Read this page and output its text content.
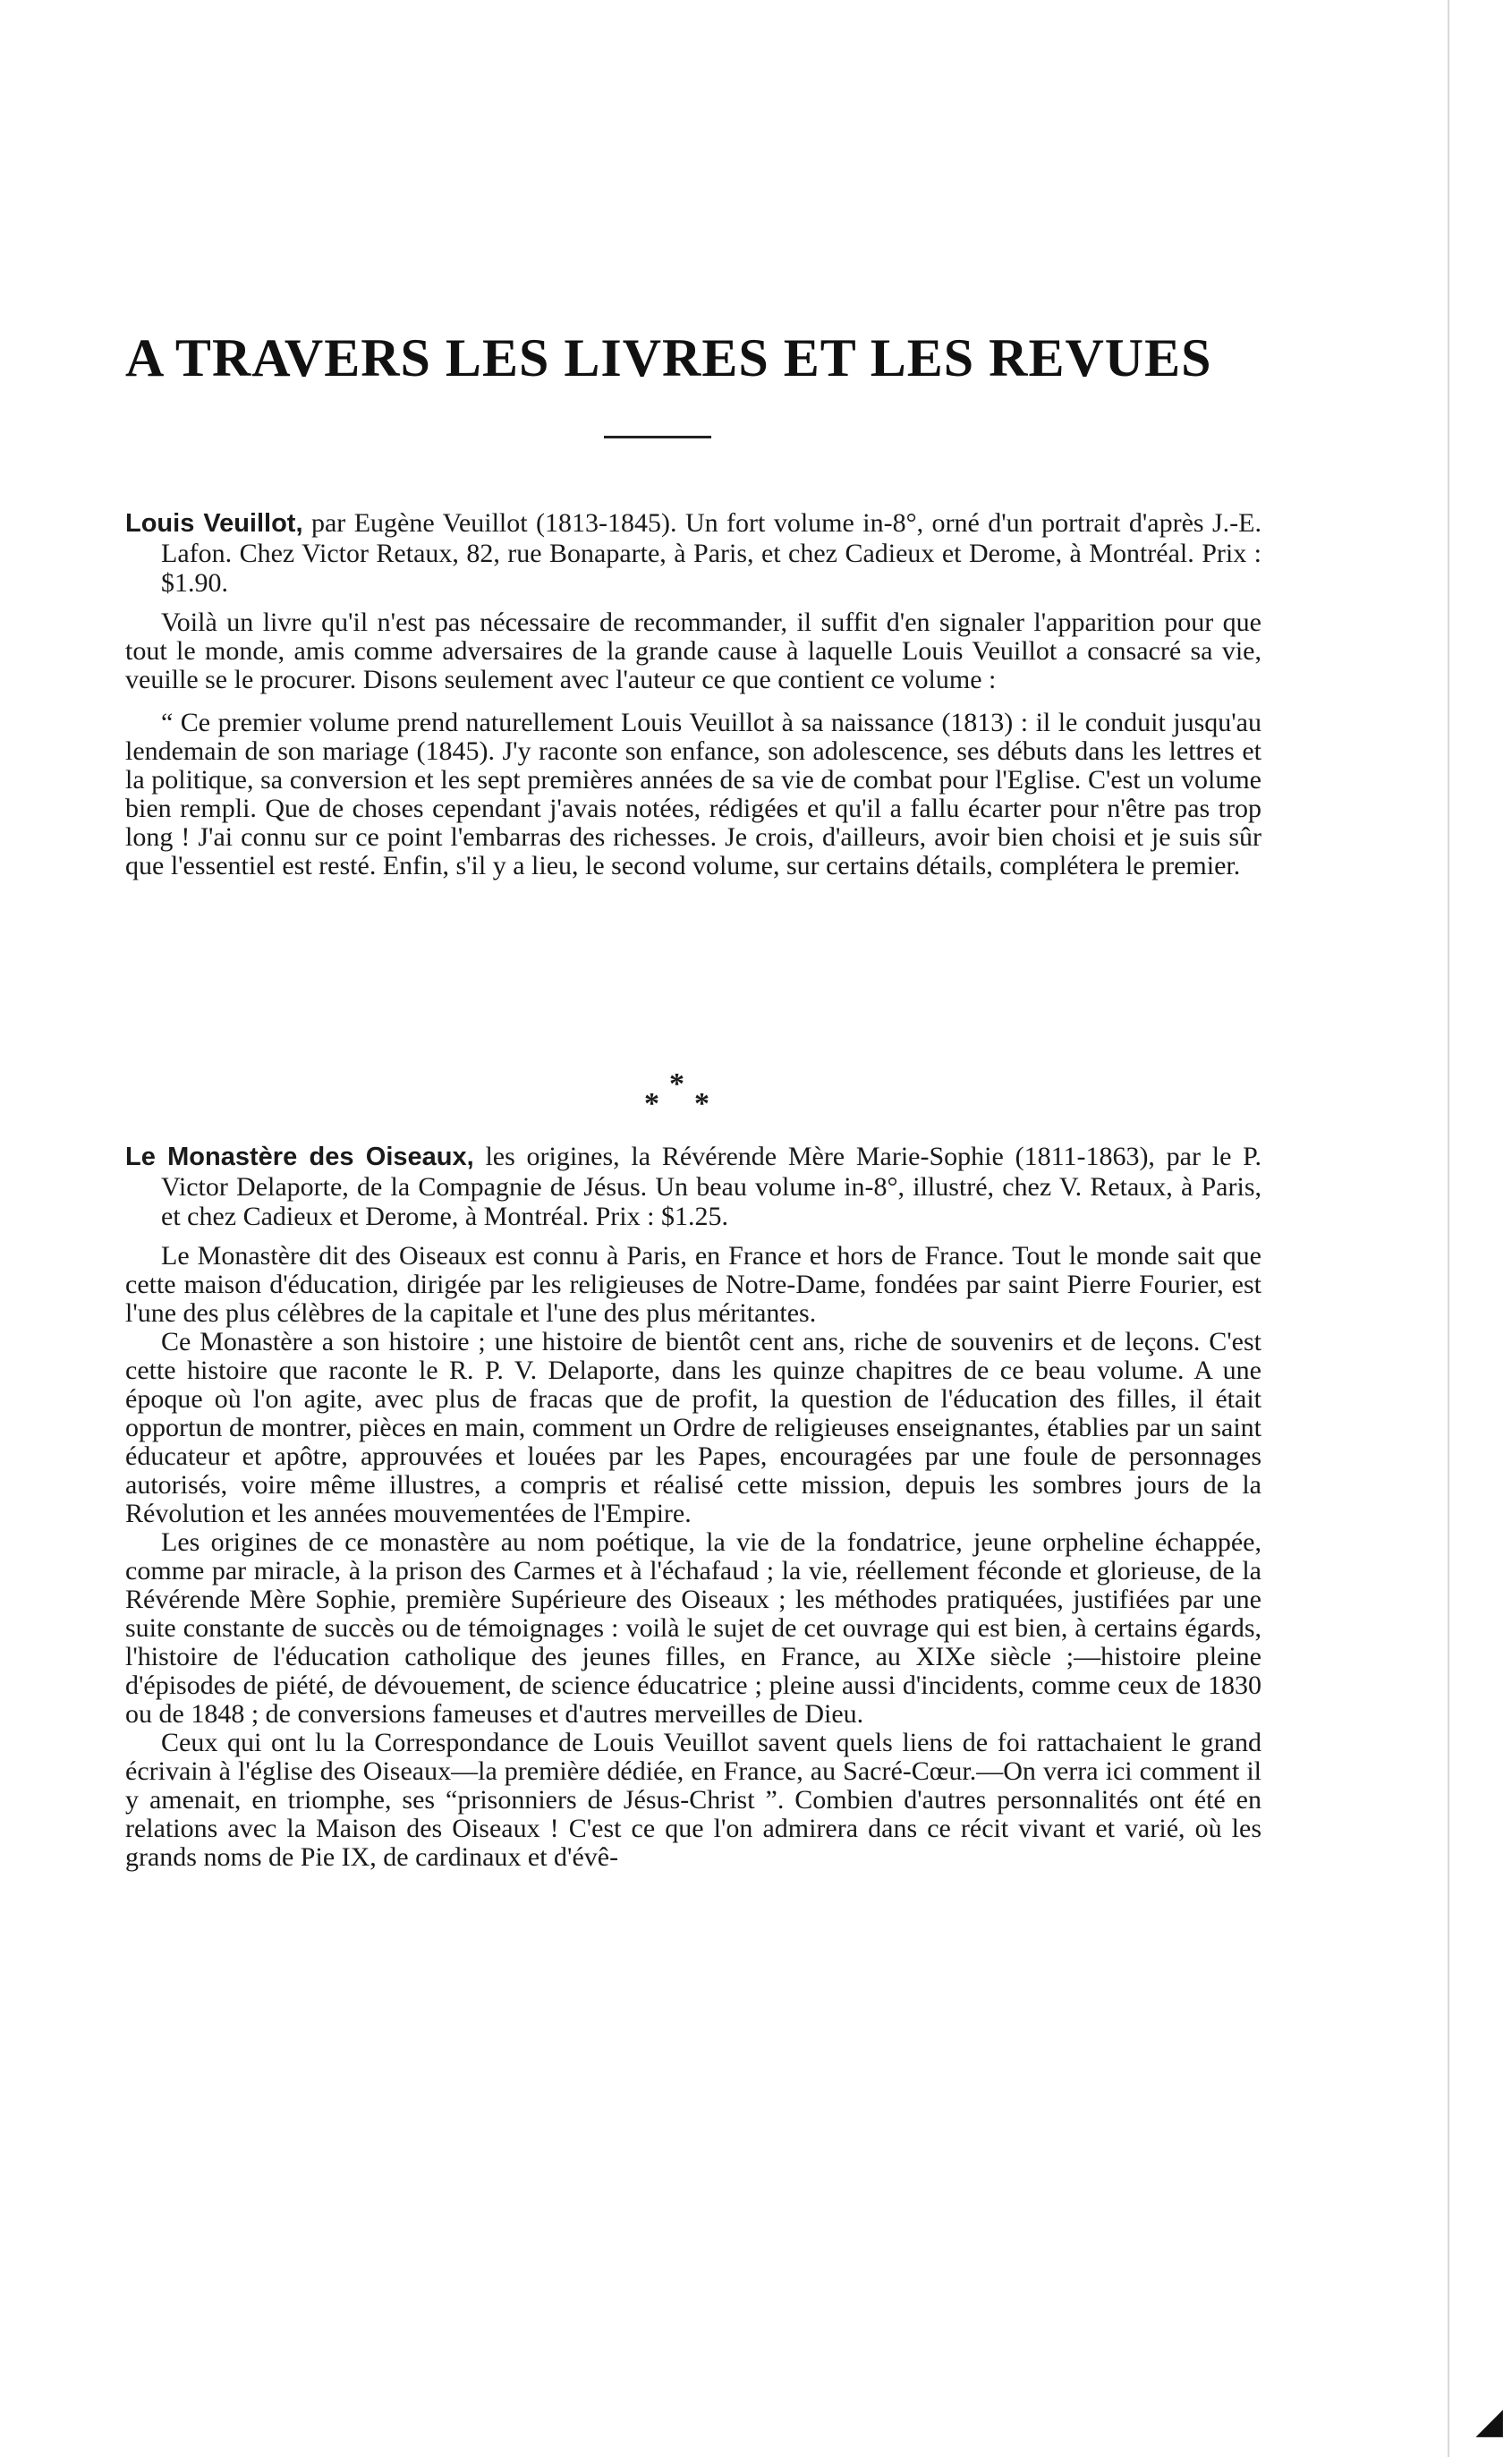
A TRAVERS LES LIVRES ET LES REVUES

Louis Veuillot, par Eugène Veuillot (1813-1845). Un fort volume in-8°, orné d'un portrait d'après J.-E. Lafon. Chez Victor Retaux, 82, rue Bonaparte, à Paris, et chez Cadieux et Derome, à Montréal. Prix : $1.90.

Voilà un livre qu'il n'est pas nécessaire de recommander, il suffit d'en signaler l'apparition pour que tout le monde, amis comme adversaires de la grande cause à laquelle Louis Veuillot a consacré sa vie, veuille se le procurer. Disons seulement avec l'auteur ce que contient ce volume :

“ Ce premier volume prend naturellement Louis Veuillot à sa naissance (1813) : il le conduit jusqu'au lendemain de son mariage (1845). J'y raconte son enfance, son adolescence, ses débuts dans les lettres et la politique, sa conversion et les sept premières années de sa vie de combat pour l'Eglise. C'est un volume bien rempli. Que de choses cependant j'avais notées, rédigées et qu'il a fallu écarter pour n'être pas trop long ! J'ai connu sur ce point l'embarras des richesses. Je crois, d'ailleurs, avoir bien choisi et je suis sûr que l'essentiel est resté. Enfin, s'il y a lieu, le second volume, sur certains détails, complétera le premier.

*
* *

Le Monastère des Oiseaux, les origines, la Révérende Mère Marie-Sophie (1811-1863), par le P. Victor Delaporte, de la Compagnie de Jésus. Un beau volume in-8°, illustré, chez V. Retaux, à Paris, et chez Cadieux et Derome, à Montréal. Prix : $1.25.

Le Monastère dit des Oiseaux est connu à Paris, en France et hors de France. Tout le monde sait que cette maison d'éducation, dirigée par les religieuses de Notre-Dame, fondées par saint Pierre Fourier, est l'une des plus célèbres de la capitale et l'une des plus méritantes.

Ce Monastère a son histoire ; une histoire de bientôt cent ans, riche de souvenirs et de leçons. C'est cette histoire que raconte le R. P. V. Delaporte, dans les quinze chapitres de ce beau volume. A une époque où l'on agite, avec plus de fracas que de profit, la question de l'éducation des filles, il était opportun de montrer, pièces en main, comment un Ordre de religieuses enseignantes, établies par un saint éducateur et apôtre, approuvées et louées par les Papes, encouragées par une foule de personnages autorisés, voire même illustres, a compris et réalisé cette mission, depuis les sombres jours de la Révolution et les années mouvementées de l'Empire.

Les origines de ce monastère au nom poétique, la vie de la fondatrice, jeune orpheline échappée, comme par miracle, à la prison des Carmes et à l'échafaud ; la vie, réellement féconde et glorieuse, de la Révérende Mère Sophie, première Supérieure des Oiseaux ; les méthodes pratiquées, justifiées par une suite constante de succès ou de témoignages : voilà le sujet de cet ouvrage qui est bien, à certains égards, l'histoire de l'éducation catholique des jeunes filles, en France, au XIXe siècle ;—histoire pleine d'épisodes de piété, de dévouement, de science éducatrice ; pleine aussi d'incidents, comme ceux de 1830 ou de 1848 ; de conversions fameuses et d'autres merveilles de Dieu.

Ceux qui ont lu la Correspondance de Louis Veuillot savent quels liens de foi rattachaient le grand écrivain à l'église des Oiseaux—la première dédiée, en France, au Sacré-Cœur.—On verra ici comment il y amenait, en triomphe, ses “prisonniers de Jésus-Christ ”. Combien d'autres personnalités ont été en relations avec la Maison des Oiseaux ! C'est ce que l'on admirera dans ce récit vivant et varié, où les grands noms de Pie IX, de cardinaux et d'évê-

◢
